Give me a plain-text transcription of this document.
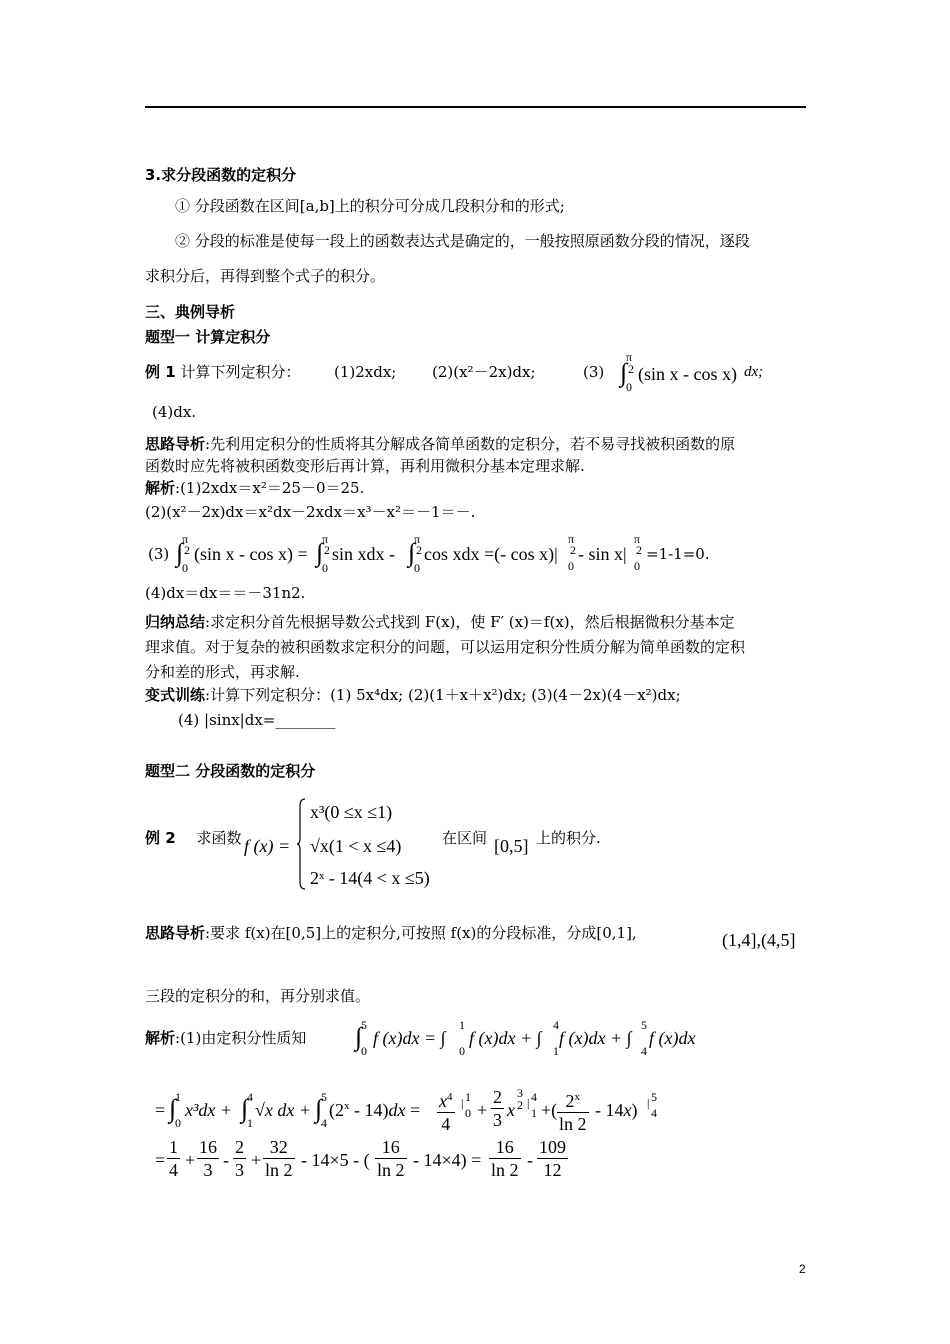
3.求分段函数的定积分
① 分段函数在区间[a,b]上的积分可分成几段积分和的形式;
② 分段的标准是使每一段上的函数表达式是确定的，一般按照原函数分段的情况，逐段
求积分后，再得到整个式子的积分。
三、典例导析
题型一 计算定积分
例 1 计算下列定积分： (1)2xdx; (2)(x²－2x)dx;	(3)
π
2
∫
0
(sin x - cos x) dx;
(4)dx.
思路导析:先利用定积分的性质将其分解成各简单函数的定积分，若不易寻找被积函数的原
函数时应先将被积函数变形后再计算，再利用微积分基本定理求解.
解析:(1)2xdx＝x²＝25－0＝25.
(2)(x²－2x)dx＝x²dx－2xdx＝x³－x²＝－1＝－.
(3)
π
2
∫
0
(sin x - cos x) =
π
2
∫
0
sin xdx -
π
2
∫
0
cos xdx =(- cos x)|
π
2
0
- sin x|
π
2
0
=1-1=0.
(4)dx＝dx＝＝－31n2.
归纳总结:求定积分首先根据导数公式找到 F(x)，使 F′ (x)＝f(x)，然后根据微积分基本定
理求值。对于复杂的被积函数求定积分的问题，可以运用定积分性质分解为简单函数的定积
分和差的形式，再求解.
变式训练:计算下列定积分：(1) 5x⁴dx; (2)(1＋x＋x²)dx; (3)(4－2x)(4－x²)dx;
(4) |sinx|dx=________
题型二 分段函数的定积分
例 2 求函数 f (x) =
x³(0 ≤x ≤1)
√x(1 < x ≤4)
2ˣ - 14(4 < x ≤5)
在区间 [0,5] 上的积分.
思路导析:要求 f(x)在[0,5]上的定积分,可按照 f(x)的分段标准，分成[0,1],	(1,4],(4,5]
三段的定积分的和，再分别求值。
解析:(1)由定积分性质知
5
∫
0
f (x)dx = ∫
1
0
f (x)dx + ∫
4
1
f (x)dx + ∫
5
4
f (x)dx
= ∫
1
0
x³dx + ∫
4
1
√x dx + ∫
5
4
$(2^x - 14)dx = \frac{x^4}{4}$ | 1
$0 + \frac{2}{3}$ x
3
2 | 4
1 +( $\frac{2^x}{\ln 2} - 14x$) | 5
4
= $\frac{1}{4} + \frac{16}{3} - \frac{2}{3} + \frac{32}{\ln 2} - 14\times 5$ - ( $\frac{16}{\ln 2} - 14\times 4) = \frac{16}{\ln 2} - \frac{109}{12}$
2
